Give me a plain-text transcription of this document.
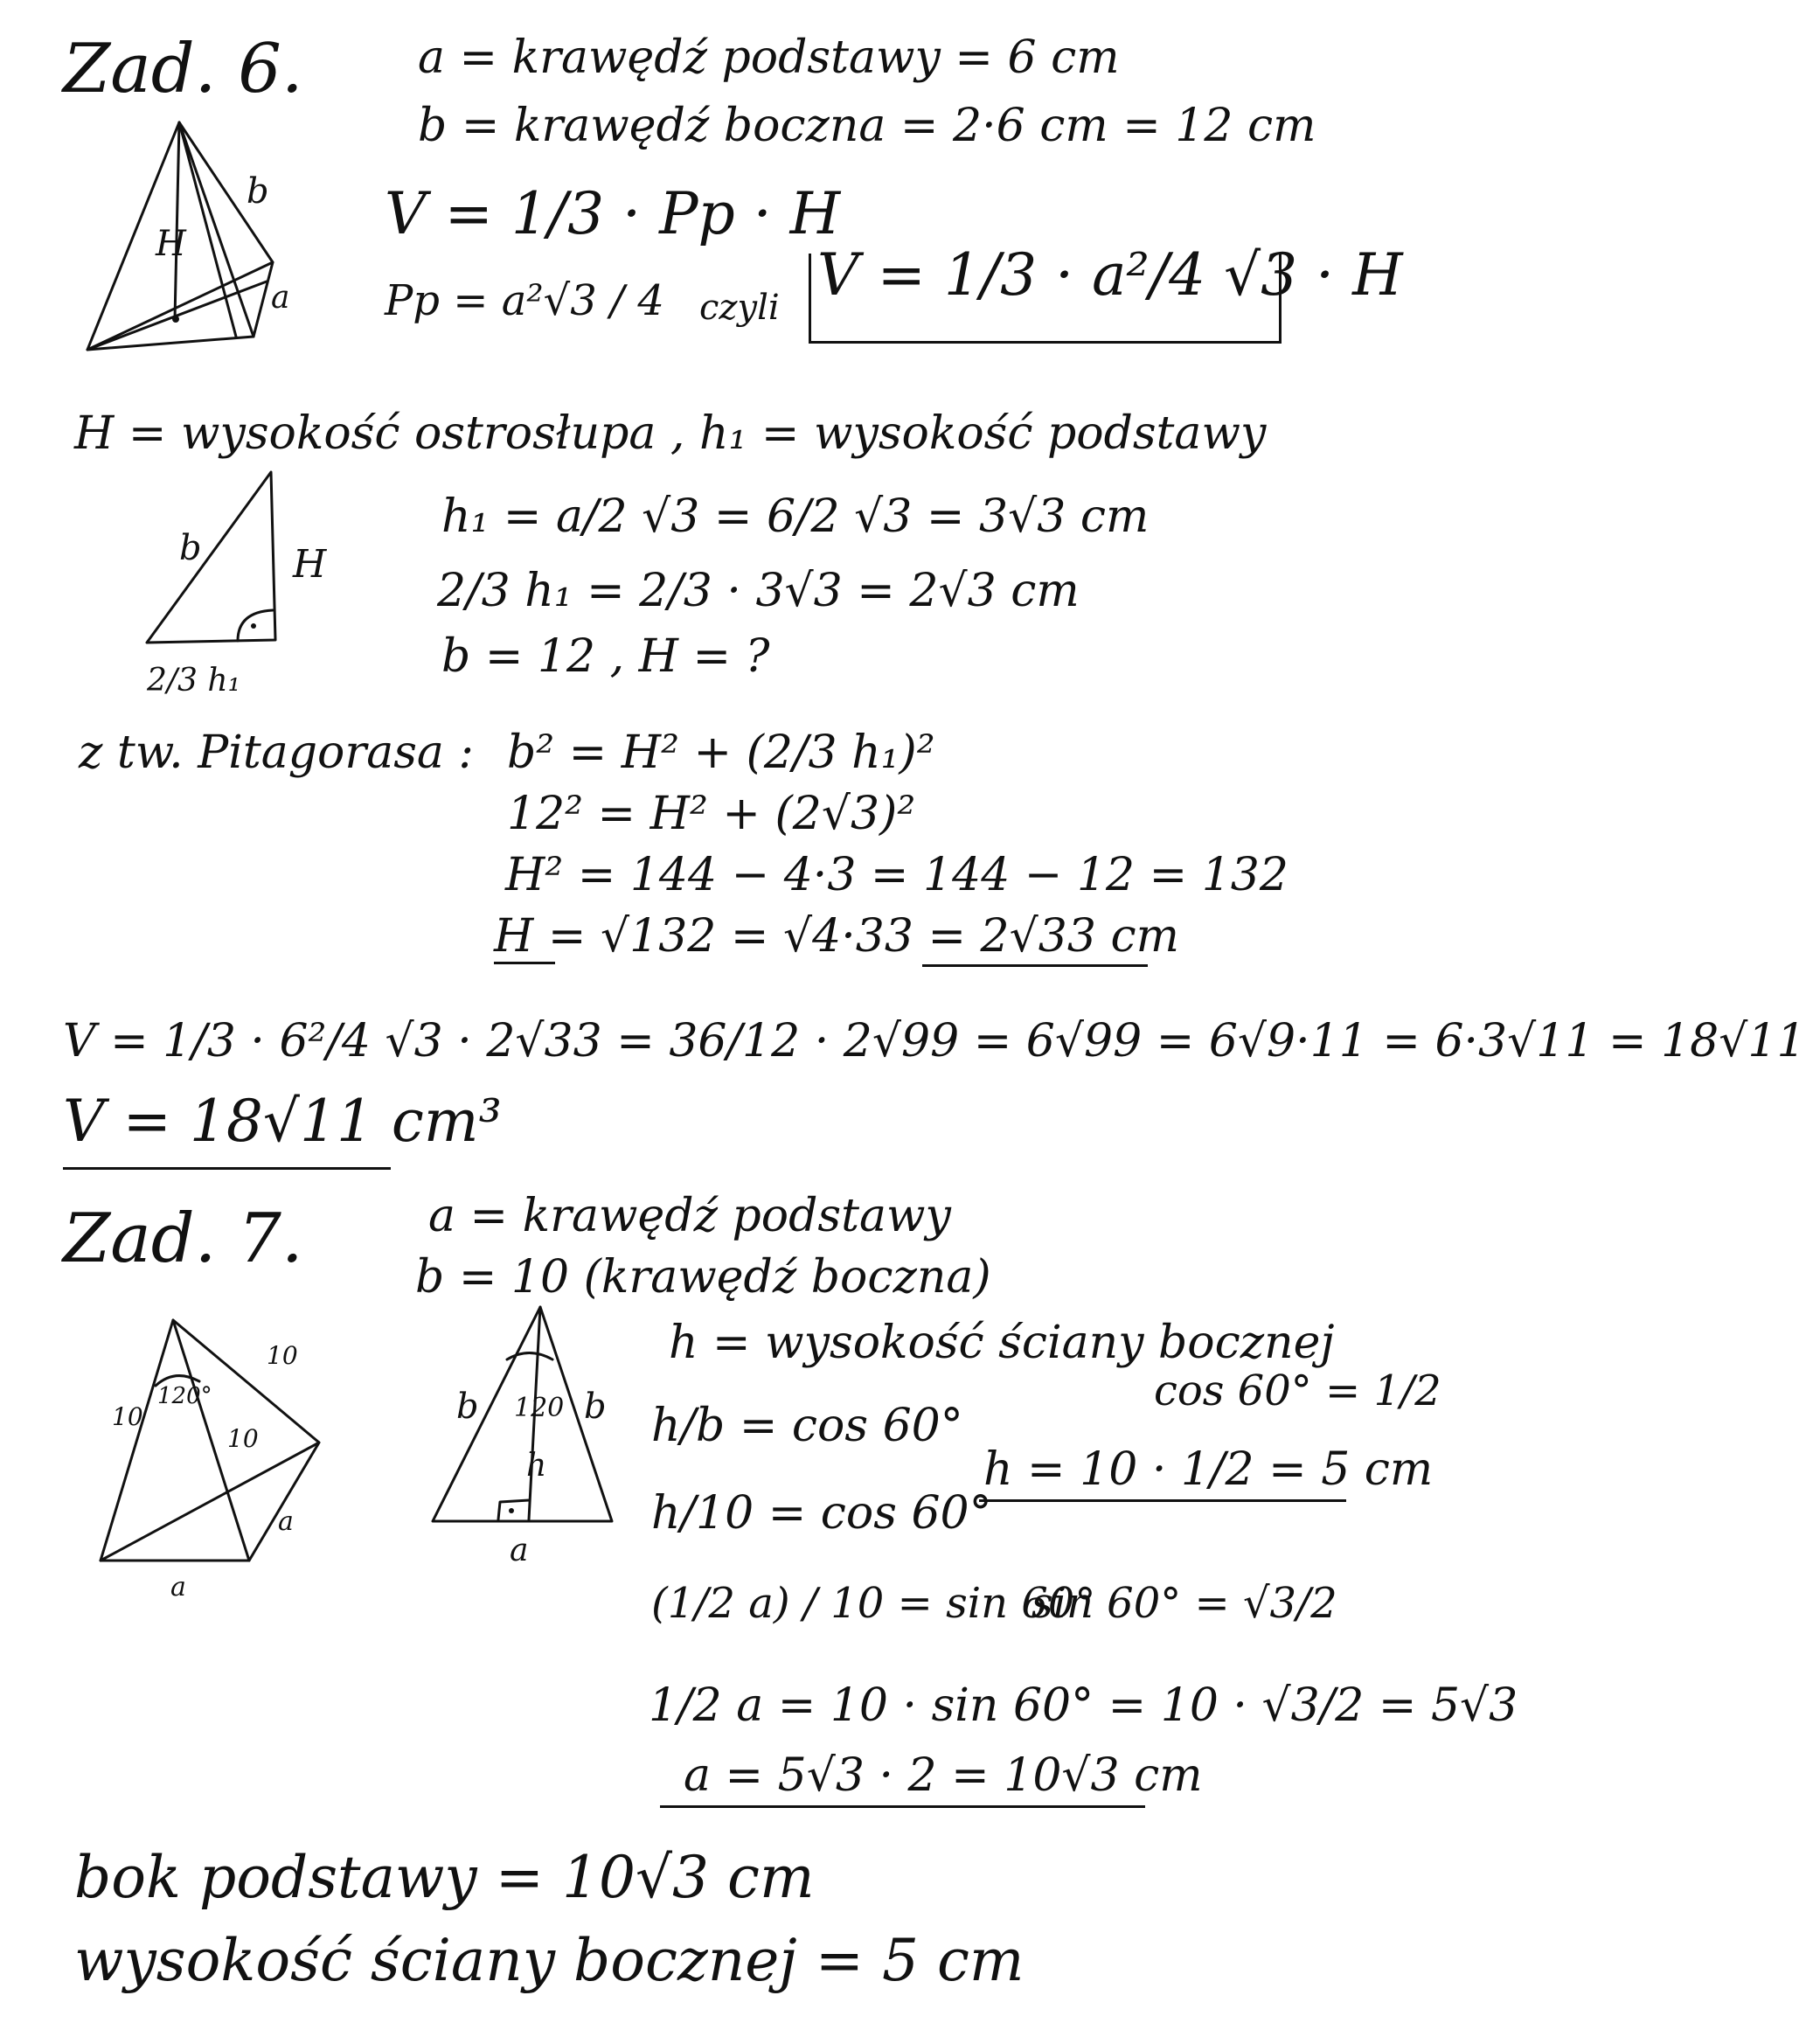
Zad. 6.	a = krawędź podstawy = 6 cm
b = krawędź boczna = 2·6 cm = 12 cm
H
b
a
V = 1/3 · Pp · H
Pp = a²√3 / 4 czyli V = 1/3 · a²/4 √3 · H
H = wysokość ostrosłupa , h₁ = wysokość podstawy
b H
2/3 h₁
h₁ = a/2 √3 = 6/2 √3 = 3√3 cm
2/3 h₁ = 2/3 · 3√3 = 2√3 cm
b = 12 , H = ?
z tw. Pitagorasa : b² = H² + (2/3 h₁)²
12² = H² + (2√3)²
H² = 144 − 4·3 = 144 − 12 = 132
H = √132 = √4·33 = 2√33 cm
V = 1/3 · 6²/4 √3 · 2√33 = 36/12 · 2√99 = 6√99 = 6√9·11 = 6·3√11 = 18√11
V = 18√11 cm³
Zad. 7.	a = krawędź podstawy
b = 10 (krawędź boczna)
10
10
10
120°
a
a
b	b
120
h
a
h = wysokość ściany bocznej
cos 60° = 1/2
h/b = cos 60°
h = 10 · 1/2 = 5 cm
h/10 = cos 60°
(1/2 a) / 10 = sin 60°
sin 60° = √3/2
1/2 a = 10 · sin 60° = 10 · √3/2 = 5√3
a = 5√3 · 2 = 10√3 cm
bok podstawy = 10√3 cm
wysokość ściany bocznej = 5 cm
